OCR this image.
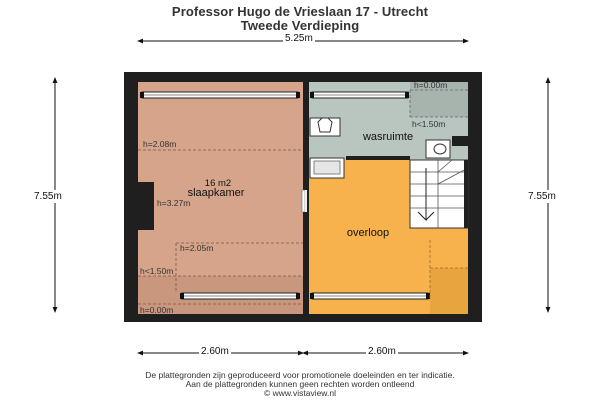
Professor Hugo de Vrieslaan 17 - Utrecht
Tweede Verdieping
16 m2
slaapkamer
overloop
wasruimte
h=2.08m
h=3.27m
h=2.05m
h<1.50m
h=0.00m
h=0.00m
h<1.50m
5.25m
7.55m	7.55m
2.60m	2.60m
De plattegronden zijn geproduceerd voor promotionele doeleinden en ter indicatie.
Aan de plattegronden kunnen geen rechten worden ontleend
© www.vistaview.nl
